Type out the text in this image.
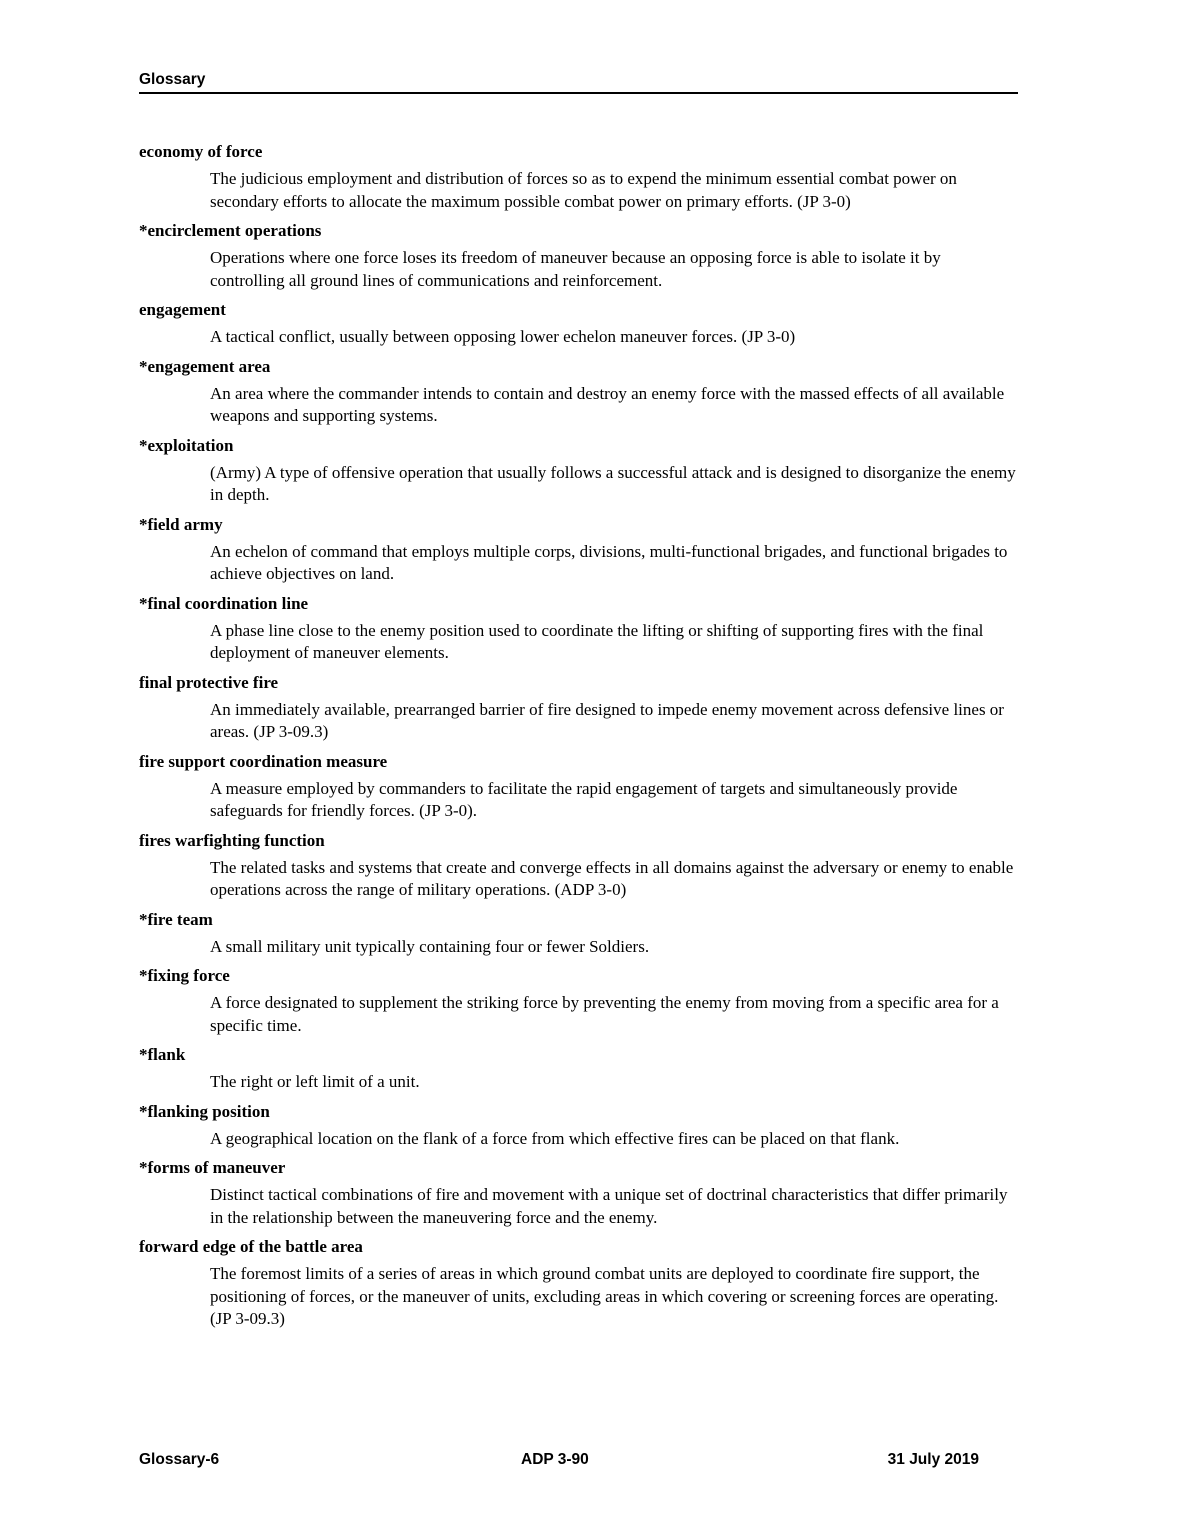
Glossary
economy of force
The judicious employment and distribution of forces so as to expend the minimum essential combat power on secondary efforts to allocate the maximum possible combat power on primary efforts. (JP 3-0)
*encirclement operations
Operations where one force loses its freedom of maneuver because an opposing force is able to isolate it by controlling all ground lines of communications and reinforcement.
engagement
A tactical conflict, usually between opposing lower echelon maneuver forces. (JP 3-0)
*engagement area
An area where the commander intends to contain and destroy an enemy force with the massed effects of all available weapons and supporting systems.
*exploitation
(Army) A type of offensive operation that usually follows a successful attack and is designed to disorganize the enemy in depth.
*field army
An echelon of command that employs multiple corps, divisions, multi-functional brigades, and functional brigades to achieve objectives on land.
*final coordination line
A phase line close to the enemy position used to coordinate the lifting or shifting of supporting fires with the final deployment of maneuver elements.
final protective fire
An immediately available, prearranged barrier of fire designed to impede enemy movement across defensive lines or areas. (JP 3-09.3)
fire support coordination measure
A measure employed by commanders to facilitate the rapid engagement of targets and simultaneously provide safeguards for friendly forces. (JP 3-0).
fires warfighting function
The related tasks and systems that create and converge effects in all domains against the adversary or enemy to enable operations across the range of military operations. (ADP 3-0)
*fire team
A small military unit typically containing four or fewer Soldiers.
*fixing force
A force designated to supplement the striking force by preventing the enemy from moving from a specific area for a specific time.
*flank
The right or left limit of a unit.
*flanking position
A geographical location on the flank of a force from which effective fires can be placed on that flank.
*forms of maneuver
Distinct tactical combinations of fire and movement with a unique set of doctrinal characteristics that differ primarily in the relationship between the maneuvering force and the enemy.
forward edge of the battle area
The foremost limits of a series of areas in which ground combat units are deployed to coordinate fire support, the positioning of forces, or the maneuver of units, excluding areas in which covering or screening forces are operating. (JP 3-09.3)
Glossary-6	ADP 3-90	31 July 2019
